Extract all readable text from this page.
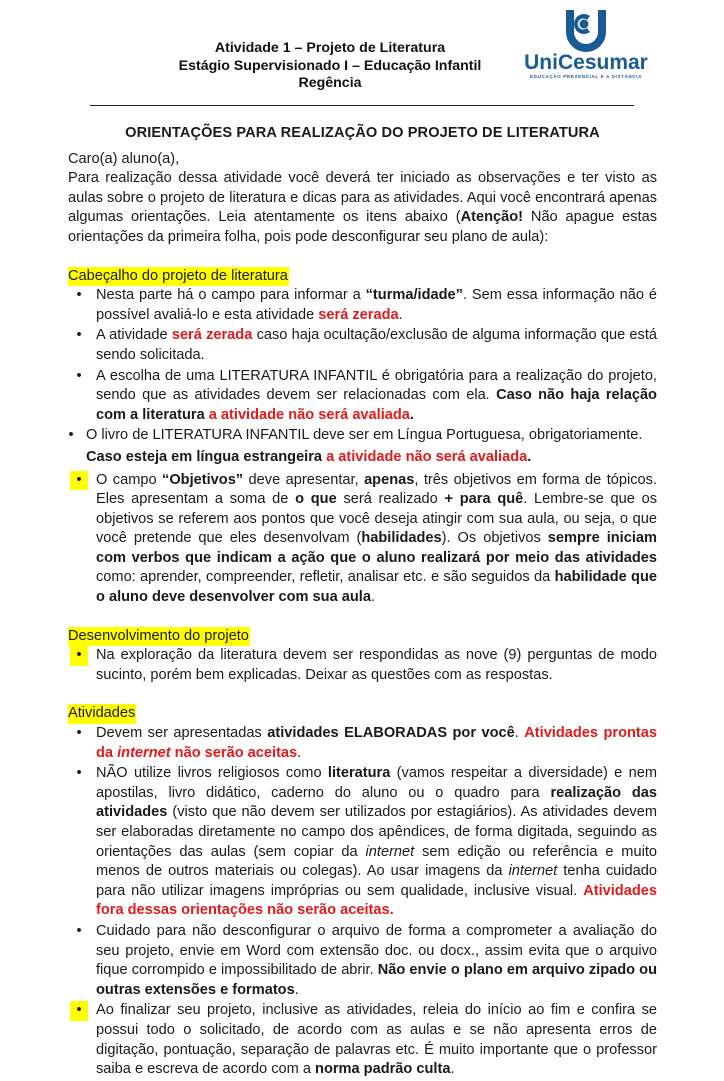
Atividade 1 – Projeto de Literatura
Estágio Supervisionado I – Educação Infantil
Regência
UniCesumar
EDUCAÇÃO PRESENCIAL E A DISTÂNCIA
ORIENTAÇÕES PARA REALIZAÇÃO DO PROJETO DE LITERATURA

Caro(a) aluno(a),

Para realização dessa atividade você deverá ter iniciado as observações e ter visto as aulas sobre o projeto de literatura e dicas para as atividades. Aqui você encontrará apenas algumas orientações. Leia atentamente os itens abaixo (Atenção! Não apague estas orientações da primeira folha, pois pode desconfigurar seu plano de aula):

Cabeçalho do projeto de literatura
• Nesta parte há o campo para informar a “turma/idade”. Sem essa informação não é possível avaliá-lo e esta atividade será zerada.
• A atividade será zerada caso haja ocultação/exclusão de alguma informação que está sendo solicitada.
• A escolha de uma LITERATURA INFANTIL é obrigatória para a realização do projeto, sendo que as atividades devem ser relacionadas com ela. Caso não haja relação com a literatura a atividade não será avaliada.
• O livro de LITERATURA INFANTIL deve ser em Língua Portuguesa, obrigatoriamente.
Caso esteja em língua estrangeira a atividade não será avaliada.
• O campo “Objetivos” deve apresentar, apenas, três objetivos em forma de tópicos. Eles apresentam a soma de o que será realizado + para quê. Lembre-se que os objetivos se referem aos pontos que você deseja atingir com sua aula, ou seja, o que você pretende que eles desenvolvam (habilidades). Os objetivos sempre iniciam com verbos que indicam a ação que o aluno realizará por meio das atividades como: aprender, compreender, refletir, analisar etc. e são seguidos da habilidade que o aluno deve desenvolver com sua aula.
Desenvolvimento do projeto
• Na exploração da literatura devem ser respondidas as nove (9) perguntas de modo sucinto, porém bem explicadas. Deixar as questões com as respostas.
Atividades
• Devem ser apresentadas atividades ELABORADAS por você. Atividades prontas da internet não serão aceitas.
• NÃO utilize livros religiosos como literatura (vamos respeitar a diversidade) e nem apostilas, livro didático, caderno do aluno ou o quadro para realização das atividades (visto que não devem ser utilizados por estagiários). As atividades devem ser elaboradas diretamente no campo dos apêndices, de forma digitada, seguindo as orientações das aulas (sem copiar da internet sem edição ou referência e muito menos de outros materiais ou colegas). Ao usar imagens da internet tenha cuidado para não utilizar imagens impróprias ou sem qualidade, inclusive visual. Atividades fora dessas orientações não serão aceitas.
• Cuidado para não desconfigurar o arquivo de forma a comprometer a avaliação do seu projeto, envie em Word com extensão doc. ou docx., assim evita que o arquivo fique corrompido e impossibilitado de abrir. Não envie o plano em arquivo zipado ou outras extensões e formatos.
• Ao finalizar seu projeto, inclusive as atividades, releia do início ao fim e confira se possui todo o solicitado, de acordo com as aulas e se não apresenta erros de digitação, pontuação, separação de palavras etc. É muito importante que o professor saiba e escreva de acordo com a norma padrão culta.
